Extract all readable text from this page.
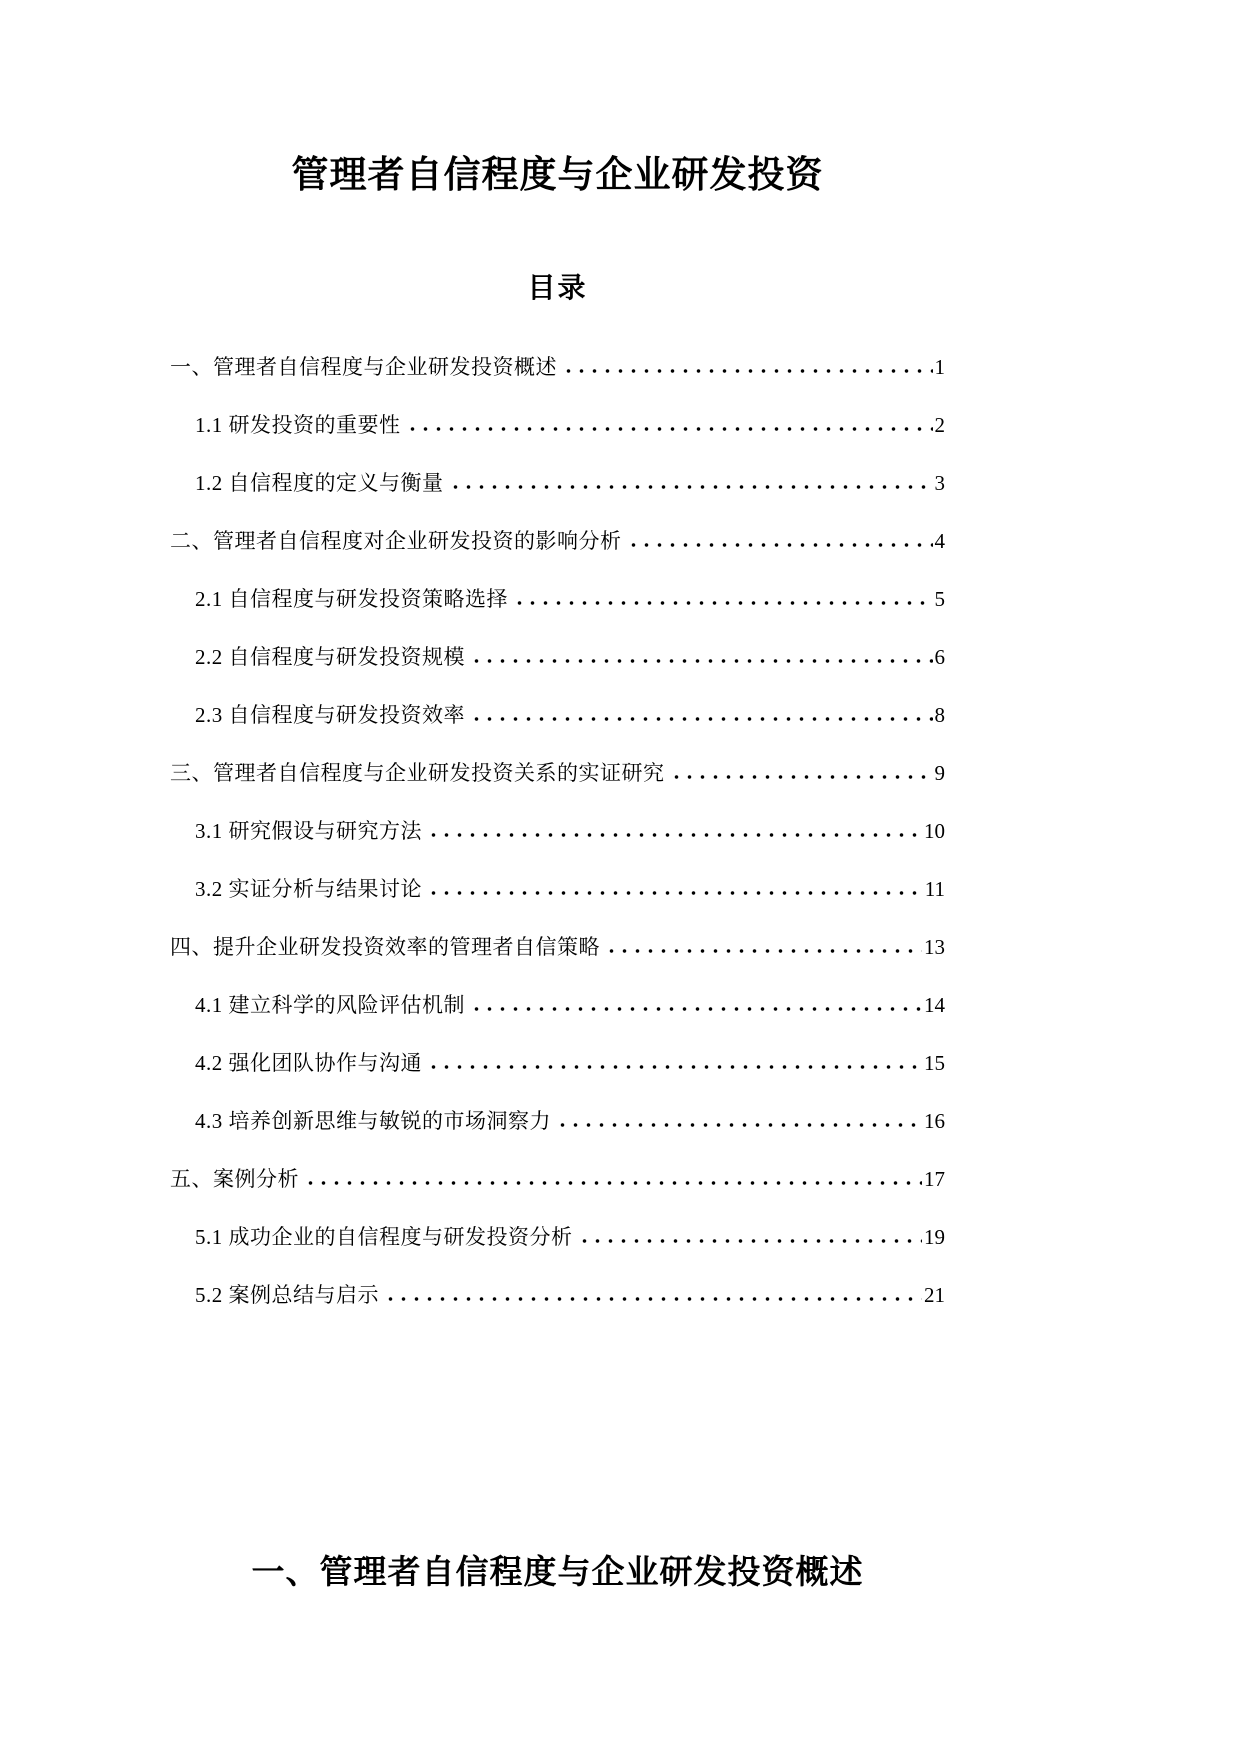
管理者自信程度与企业研发投资
目录
一、管理者自信程度与企业研发投资概述	1
1.1 研发投资的重要性	2
1.2 自信程度的定义与衡量	3
二、管理者自信程度对企业研发投资的影响分析	4
2.1 自信程度与研发投资策略选择	5
2.2 自信程度与研发投资规模	6
2.3 自信程度与研发投资效率	8
三、管理者自信程度与企业研发投资关系的实证研究	9
3.1 研究假设与研究方法	10
3.2 实证分析与结果讨论	11
四、提升企业研发投资效率的管理者自信策略	13
4.1 建立科学的风险评估机制	14
4.2 强化团队协作与沟通	15
4.3 培养创新思维与敏锐的市场洞察力	16
五、案例分析	17
5.1 成功企业的自信程度与研发投资分析	19
5.2 案例总结与启示	21
一、管理者自信程度与企业研发投资概述
